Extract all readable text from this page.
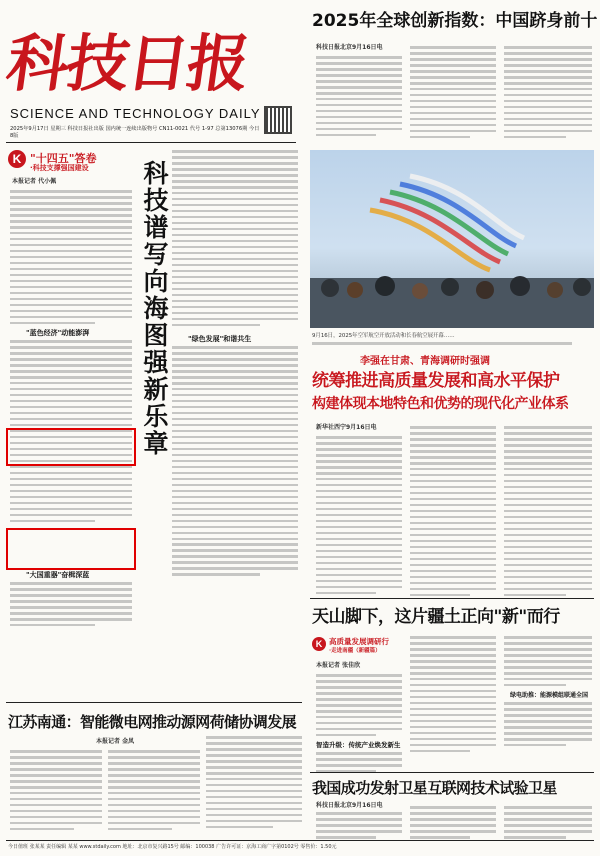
科技日报
SCIENCE AND TECHNOLOGY DAILY
2025年9月17日 星期三 科技日报社出版 国内统一连续出版物号 CN11-0021 代号 1-97 总第13076期 今日8版
2025年全球创新指数：中国跻身前十
科技日报北京9月16日电
9月16日，2025年空军航空开放活动和长春航空展开幕……
K "十四五"答卷
·科技支撑强国建设
本报记者 代小佩
"蓝色经济"动能澎湃
"大国重器"奋楫深蓝
科技谱写向海图强新乐章	"绿色发展"和谐共生
李强在甘肃、青海调研时强调
统筹推进高质量发展和高水平保护
构建体现本地特色和优势的现代化产业体系
新华社西宁9月16日电
天山脚下，这片疆土正向"新"而行
K 高质量发展调研行
·走进南疆（新疆篇）
本报记者 张佳欣
智造升级：传统产业焕发新生
绿电助推：能源模组联通全国
江苏南通：智能微电网推动源网荷储协调发展
本报记者 金凤
我国成功发射卫星互联网技术试验卫星
科技日报北京9月16日电
今日值班 张某某 责任编辑 某某 www.stdaily.com 地址：北京市复兴路15号 邮编：100038 广告许可证：京海工商广字第0102号 零售价：1.50元
